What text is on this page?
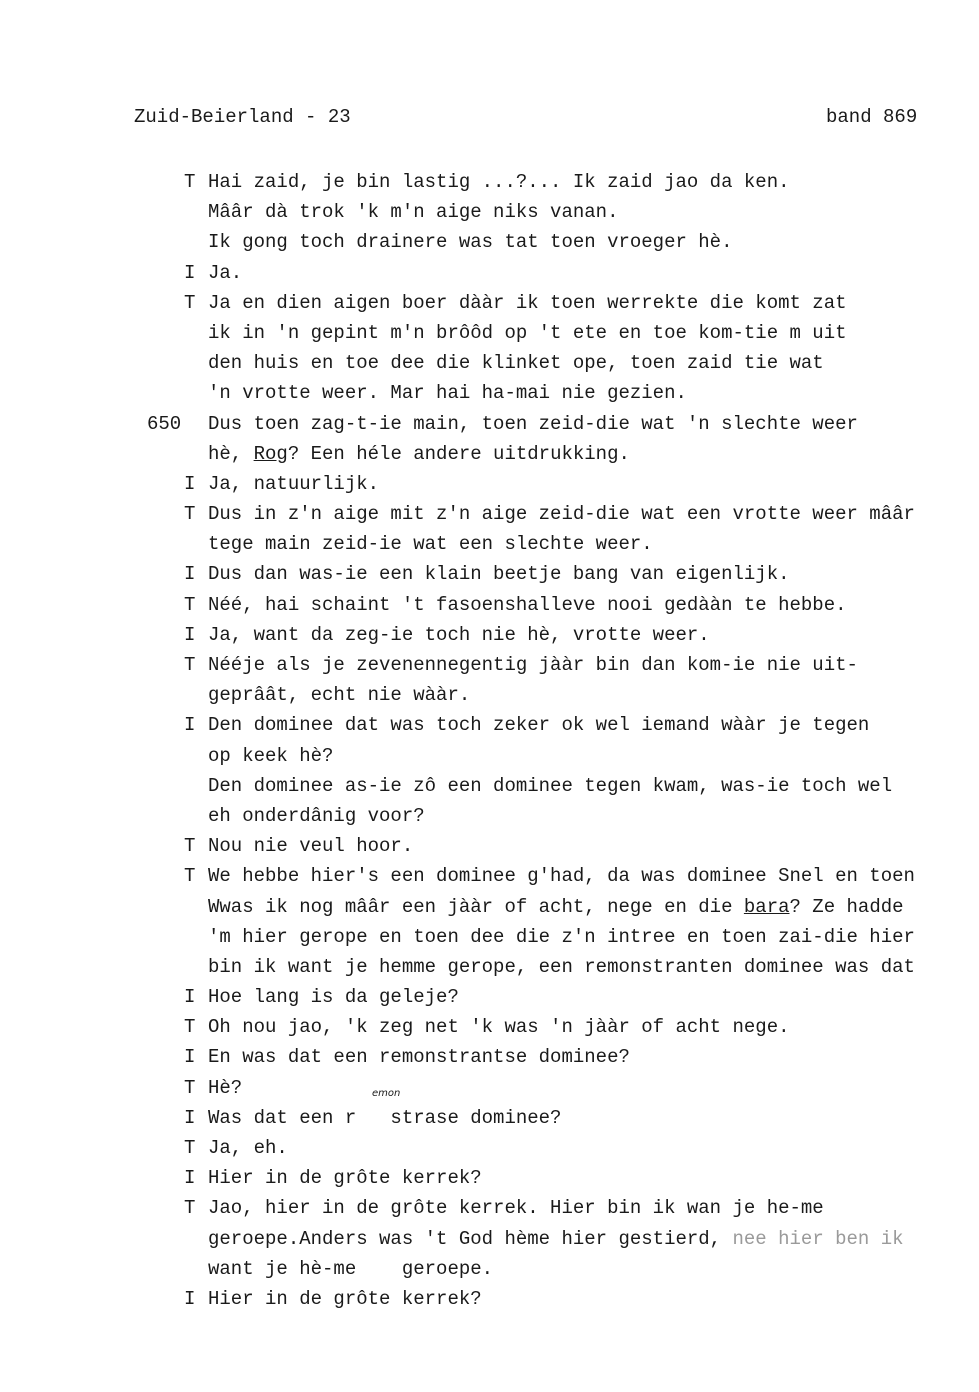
Zuid-Beierland - 23	band 869
T Hai zaid, je bin lastig ...?... Ik zaid jao da ken.
Mââr dà trok 'k m'n aige niks vanan.
Ik gong toch drainere was tat toen vroeger hè.
I Ja.
T Ja en dien aigen boer dààr ik toen werrekte die komt zat
ik in 'n gepint m'n brôôd op 't ete en toe kom-tie m uit
den huis en toe dee die klinket ope, toen zaid tie wat
'n vrotte weer. Mar hai ha-mai nie gezien.
650 Dus toen zag-t-ie main, toen zeid-die wat 'n slechte weer
hè, Rog? Een héle andere uitdrukking.
I Ja, natuurlijk.
T Dus in z'n aige mit z'n aige zeid-die wat een vrotte weer mââr
tege main zeid-ie wat een slechte weer.
I Dus dan was-ie een klain beetje bang van eigenlijk.
T Néé, hai schaint 't fasoenshalleve nooi gedààn te hebbe.
I Ja, want da zeg-ie toch nie hè, vrotte weer.
T Nééje als je zevenennegentig jààr bin dan kom-ie nie uit-
geprâât, echt nie wààr.
I Den dominee dat was toch zeker ok wel iemand wààr je tegen
op keek hè?
Den dominee as-ie zô een dominee tegen kwam, was-ie toch wel
eh onderdânig voor?
T Nou nie veul hoor.
T We hebbe hier's een dominee g'had, da was dominee Snel en toen
Wwas ik nog mââr een jààr of acht, nege en die bara? Ze hadde
'm hier gerope en toen dee die z'n intree en toen zai-die hier
bin ik want je hemme gerope, een remonstranten dominee was dat
I Hoe lang is da geleje?
T Oh nou jao, 'k zeg net 'k was 'n jààr of acht nege.
I En was dat een remonstrantse dominee?
T Hè?
I Was dat een r   strase dominee?
emon
T Ja, eh.
I Hier in de grôte kerrek?
T Jao, hier in de grôte kerrek. Hier bin ik wan je he-me
geroepe.Anders was 't God hème hier gestierd, nee hier ben ik
want je hè-me    geroepe.
I Hier in de grôte kerrek?
